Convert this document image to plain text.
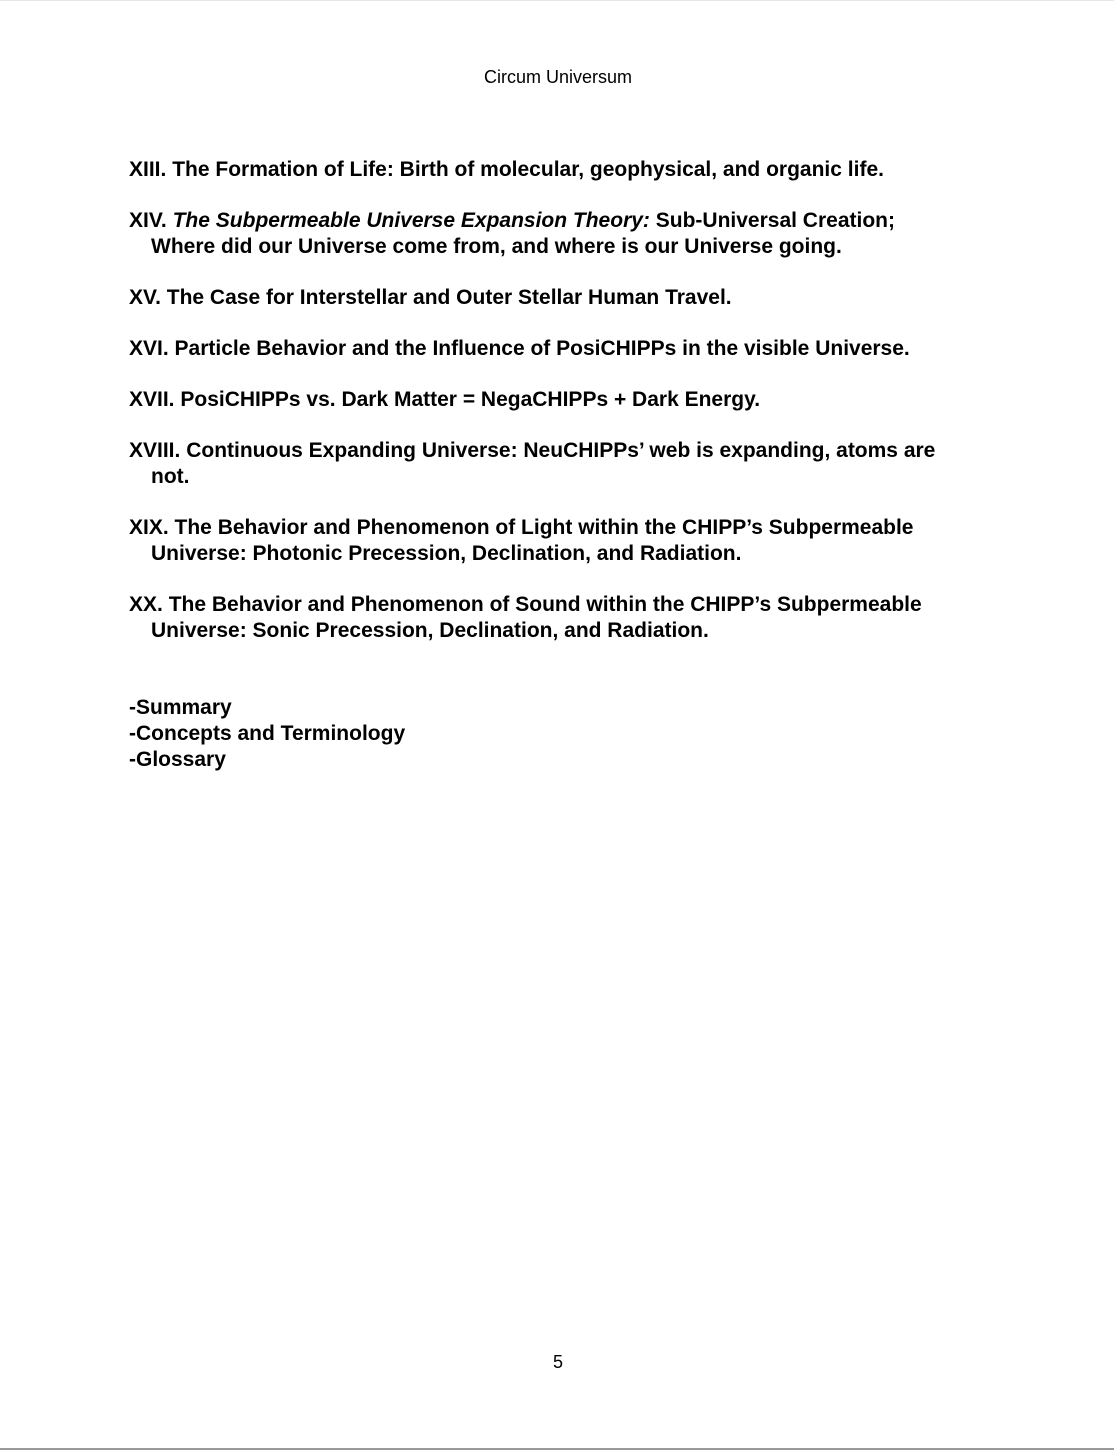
Circum Universum
XIII. The Formation of Life: Birth of molecular, geophysical, and organic life.
XIV. The Subpermeable Universe Expansion Theory: Sub-Universal Creation;
Where did our Universe come from, and where is our Universe going.
XV. The Case for Interstellar and Outer Stellar Human Travel.
XVI. Particle Behavior and the Influence of PosiCHIPPs in the visible Universe.
XVII. PosiCHIPPs vs. Dark Matter = NegaCHIPPs + Dark Energy.
XVIII. Continuous Expanding Universe: NeuCHIPPs’ web is expanding, atoms are
not.
XIX. The Behavior and Phenomenon of Light within the CHIPP’s Subpermeable
Universe: Photonic Precession, Declination, and Radiation.
XX. The Behavior and Phenomenon of Sound within the CHIPP’s Subpermeable
Universe: Sonic Precession, Declination, and Radiation.
-Summary
-Concepts and Terminology
-Glossary
5
